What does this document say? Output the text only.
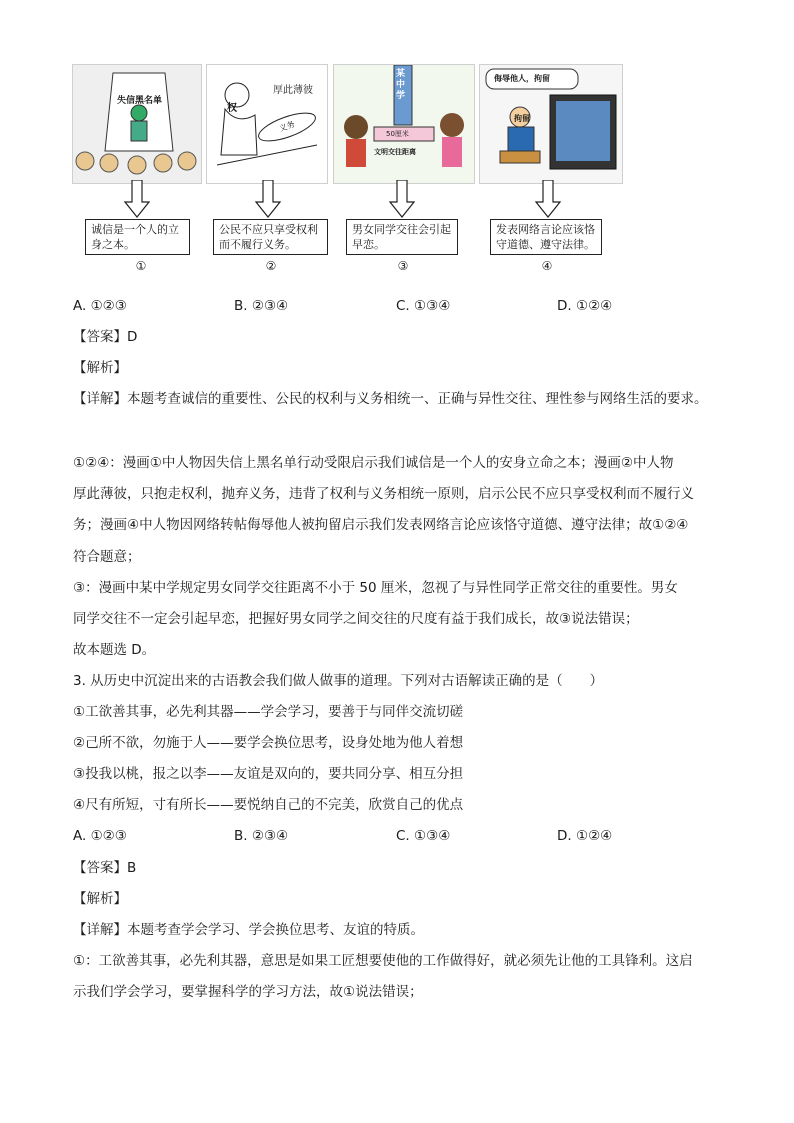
失信黑名单
厚此薄彼
权
义务
某中学
50厘米
文明交往距离
侮辱他人，拘留
拘留
诚信是一个人的立身之本。
公民不应只享受权利而不履行义务。
男女同学交往会引起早恋。
发表网络言论应该恪守道德、遵守法律。
①	②	③	④
A. ①②③	B. ②③④	C. ①③④	D. ①②④
【答案】D
【解析】
【详解】本题考查诚信的重要性、公民的权利与义务相统一、正确与异性交往、理性参与网络生活的要求。
①②④：漫画①中人物因失信上黑名单行动受限启示我们诚信是一个人的安身立命之本；漫画②中人物
厚此薄彼，只抱走权利，抛弃义务，违背了权利与义务相统一原则，启示公民不应只享受权利而不履行义
务；漫画④中人物因网络转帖侮辱他人被拘留启示我们发表网络言论应该恪守道德、遵守法律；故①②④
符合题意；
③：漫画中某中学规定男女同学交往距离不小于 50 厘米，忽视了与异性同学正常交往的重要性。男女
同学交往不一定会引起早恋，把握好男女同学之间交往的尺度有益于我们成长，故③说法错误；
故本题选 D。
3. 从历史中沉淀出来的古语教会我们做人做事的道理。下列对古语解读正确的是（　　）
①工欲善其事，必先利其器——学会学习，要善于与同伴交流切磋
②己所不欲，勿施于人——要学会换位思考，设身处地为他人着想
③投我以桃，报之以李——友谊是双向的，要共同分享、相互分担
④尺有所短，寸有所长——要悦纳自己的不完美，欣赏自己的优点
A. ①②③	B. ②③④	C. ①③④	D. ①②④
【答案】B
【解析】
【详解】本题考查学会学习、学会换位思考、友谊的特质。
①：工欲善其事，必先利其器，意思是如果工匠想要使他的工作做得好，就必须先让他的工具锋利。这启
示我们学会学习，要掌握科学的学习方法，故①说法错误；
